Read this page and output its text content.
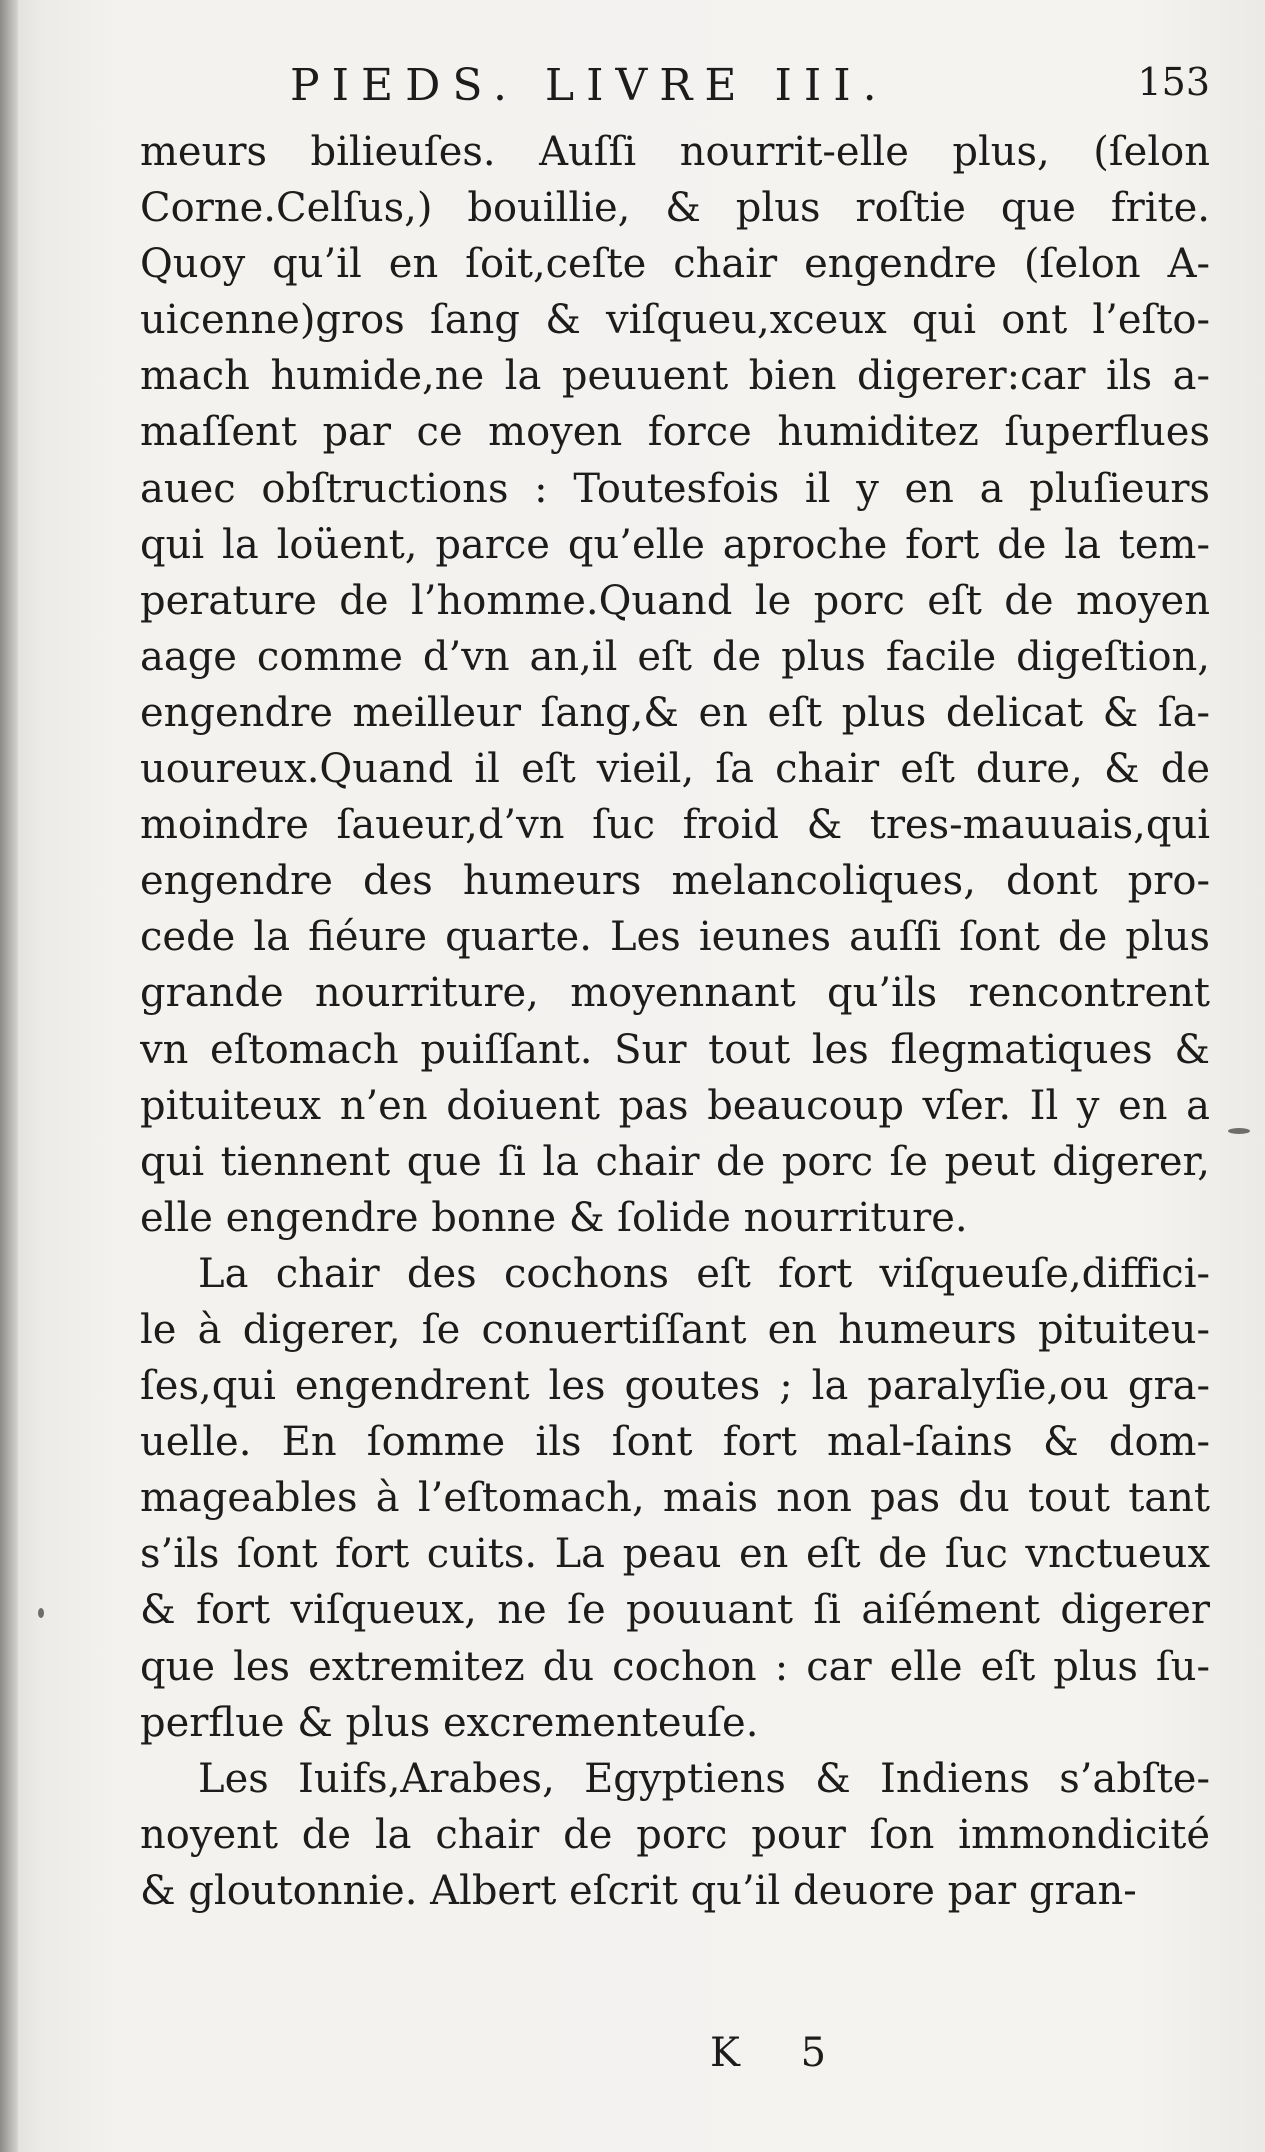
PIEDS. LIVRE III.	153
meurs bilieuſes. Auſſi nourrit-elle plus, (ſelon
Corne.Celſus,) bouillie, & plus roſtie que frite.
Quoy qu’il en ſoit,ceſte chair engendre (ſelon A-
uicenne)gros ſang & viſqueu,xceux qui ont l’eſto-
mach humide,ne la peuuent bien digerer:car ils a-
maſſent par ce moyen force humiditez ſuperflues
auec obſtructions : Toutesfois il y en a pluſieurs
qui la loüent, parce qu’elle aproche fort de la tem-
perature de l’homme.Quand le porc eſt de moyen
aage comme d’vn an,il eſt de plus facile digeſtion,
engendre meilleur ſang,& en eſt plus delicat & ſa-
uoureux.Quand il eſt vieil, ſa chair eſt dure, & de
moindre ſaueur,d’vn ſuc froid & tres-mauuais,qui
engendre des humeurs melancoliques, dont pro-
cede la fiéure quarte. Les ieunes auſſi ſont de plus
grande nourriture, moyennant qu’ils rencontrent
vn eſtomach puiſſant. Sur tout les flegmatiques &
pituiteux n’en doiuent pas beaucoup vſer. Il y en a
qui tiennent que ſi la chair de porc ſe peut digerer,
elle engendre bonne & ſolide nourriture.
La chair des cochons eſt fort viſqueuſe,diffici-
le à digerer, ſe conuertiſſant en humeurs pituiteu-
ſes,qui engendrent les goutes ; la paralyſie,ou gra-
uelle. En ſomme ils ſont fort mal-ſains & dom-
mageables à l’eſtomach, mais non pas du tout tant
s’ils ſont fort cuits. La peau en eſt de ſuc vnctueux
& fort viſqueux, ne ſe pouuant ſi aiſément digerer
que les extremitez du cochon : car elle eſt plus ſu-
perflue & plus excrementeuſe.
Les Iuifs,Arabes, Egyptiens & Indiens s’abſte-
noyent de la chair de porc pour ſon immondicité
& gloutonnie. Albert eſcrit qu’il deuore par gran-
K 5
